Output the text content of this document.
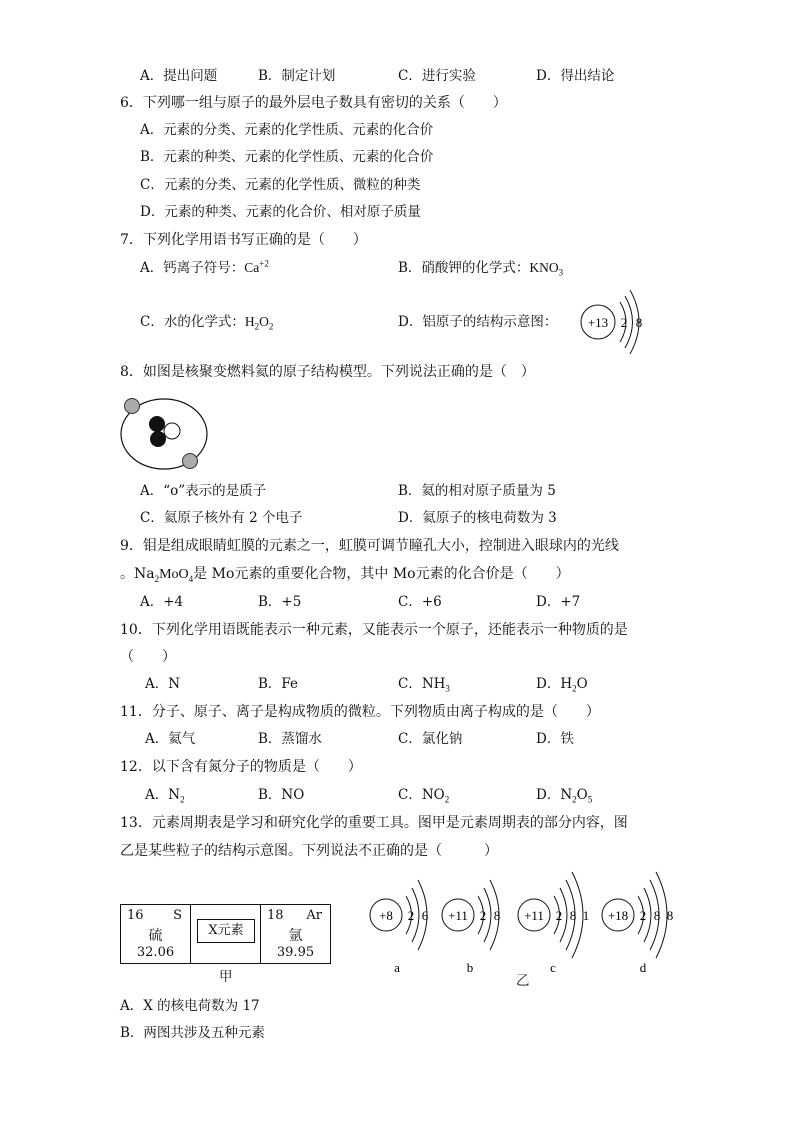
A．提出问题	B．制定计划	C．进行实验	D．得出结论
6．下列哪一组与原子的最外层电子数具有密切的关系（　　）
A．元素的分类、元素的化学性质、元素的化合价
B．元素的种类、元素的化学性质、元素的化合价
C．元素的分类、元素的化学性质、微粒的种类
D．元素的种类、元素的化合价、相对原子质量
7．下列化学用语书写正确的是（　　）
A．钙离子符号：$Ca^{+2}$	B．硝酸钾的化学式：$KNO_3$
C．水的化学式：$H_2O_2$	D．铝原子的结构示意图： +13 2 8
8．如图是核聚变燃料氦的原子结构模型。下列说法正确的是（　）
A．“ο”表示的是质子	B．氦的相对原子质量为 5
C．氦原子核外有 2 个电子	D．氦原子的核电荷数为 3
9．钼是组成眼睛虹膜的元素之一，虹膜可调节瞳孔大小，控制进入眼球内的光线
。$Na_2MoO_4$是 Mo元素的重要化合物，其中 Mo元素的化合价是（　　）
A．+4	B．+5	C．+6	D．+7
10．下列化学用语既能表示一种元素，又能表示一个原子，还能表示一种物质的是
（　　）
A．N	B．Fe	C．$NH_3$	D．$H_2O$
11．分子、原子、离子是构成物质的微粒。下列物质由离子构成的是（　　）
A．氦气	B．蒸馏水	C．氯化钠	D．铁
12．以下含有氮分子的物质是（　　）
A．$N_2$	B．NO	C．$NO_2$	D．$N_2O_5$
13．元素周期表是学习和研究化学的重要工具。图甲是元素周期表的部分内容，图
乙是某些粒子的结构示意图。下列说法不正确的是（　　　）
16 S
硫
32.06
X元素
18 Ar
氩
39.95
甲
+8 2 6
a
+11 2 8
b
+11 2 8 1
c
+18 2 8 8
d
乙
A．X 的核电荷数为 17
B．两图共涉及五种元素
